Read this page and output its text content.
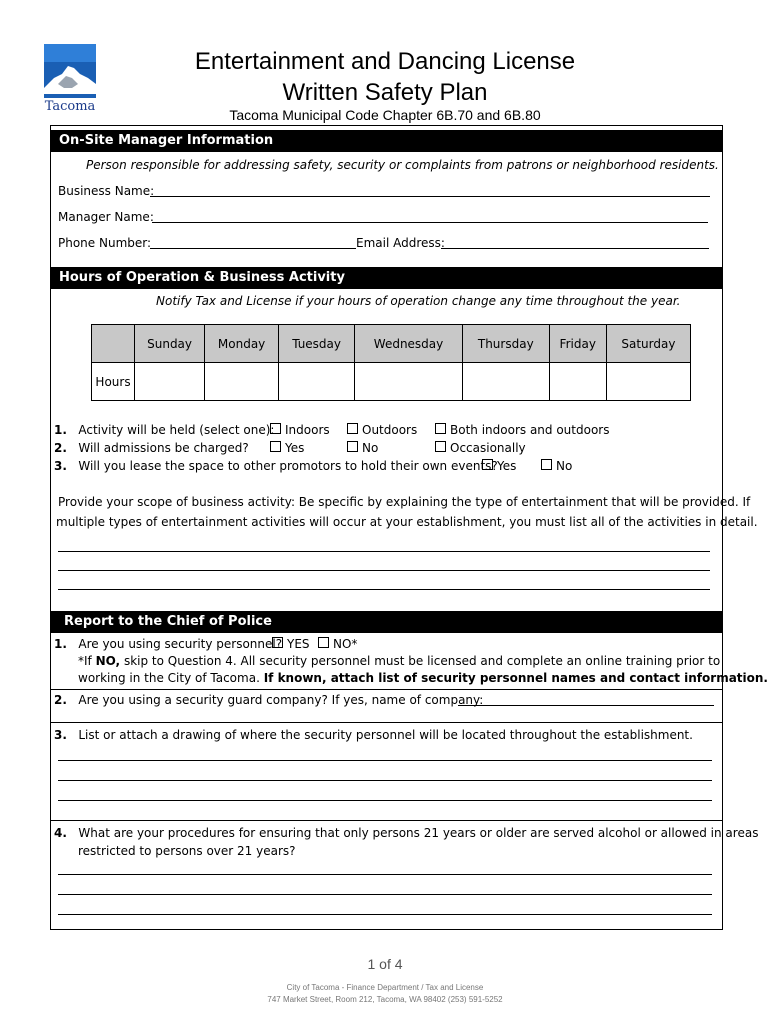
Tacoma
Entertainment and Dancing License
Written Safety Plan
Tacoma Municipal Code Chapter 6B.70 and 6B.80
On-Site Manager Information
Person responsible for addressing safety, security or complaints from patrons or neighborhood residents.
Business Name:
Manager Name:
Phone Number:	Email Address:
Hours of Operation & Business Activity
Notify Tax and License if your hours of operation change any time throughout the year.
	Sunday	Monday	Tuesday	Wednesday	Thursday	Friday	Saturday
Hours							
1. Activity will be held (select one): Indoors	Outdoors	Both indoors and outdoors
2. Will admissions be charged?	Yes	No	Occasionally
3. Will you lease the space to other promotors to hold their own events? Yes	No
Provide your scope of business activity: Be specific by explaining the type of entertainment that will be provided. If
multiple types of entertainment activities will occur at your establishment, you must list all of the activities in detail.
Report to the Chief of Police
1. Are you using security personnel? YES	NO*
*If NO, skip to Question 4. All security personnel must be licensed and complete an online training prior to
working in the City of Tacoma. If known, attach list of security personnel names and contact information.
2. Are you using a security guard company? If yes, name of company:
3. List or attach a drawing of where the security personnel will be located throughout the establishment.
4. What are your procedures for ensuring that only persons 21 years or older are served alcohol or allowed in areas
restricted to persons over 21 years?
1 of 4
City of Tacoma - Finance Department / Tax and License
747 Market Street, Room 212, Tacoma, WA 98402 (253) 591-5252
